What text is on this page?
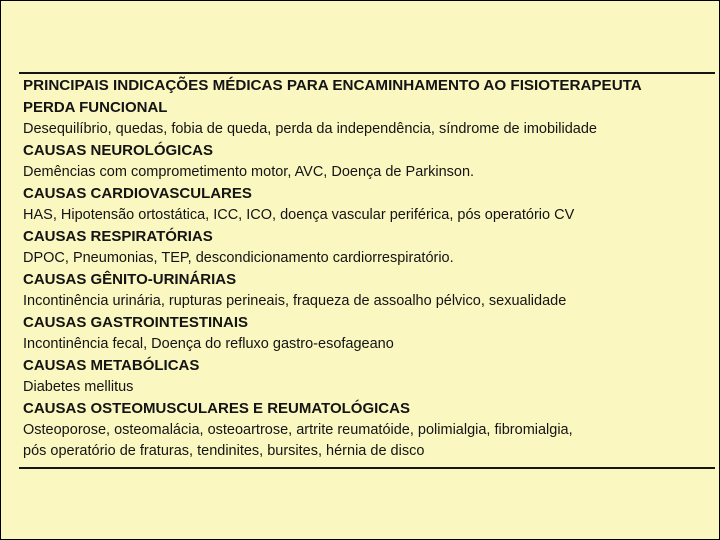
PRINCIPAIS INDICAÇÕES MÉDICAS PARA ENCAMINHAMENTO AO FISIOTERAPEUTA
PERDA FUNCIONAL
Desequilíbrio, quedas, fobia de queda, perda da independência, síndrome de imobilidade
CAUSAS NEUROLÓGICAS
Demências com comprometimento motor, AVC, Doença de Parkinson.
CAUSAS CARDIOVASCULARES
HAS, Hipotensão ortostática, ICC, ICO, doença vascular periférica, pós operatório CV
CAUSAS RESPIRATÓRIAS
DPOC, Pneumonias, TEP, descondicionamento cardiorrespiratório.
CAUSAS GÊNITO-URINÁRIAS
Incontinência urinária, rupturas perineais, fraqueza de assoalho pélvico, sexualidade
CAUSAS GASTROINTESTINAIS
Incontinência fecal, Doença do refluxo gastro-esofageano
CAUSAS METABÓLICAS
Diabetes mellitus
CAUSAS OSTEOMUSCULARES E REUMATOLÓGICAS
Osteoporose, osteomalácia, osteoartrose, artrite reumatóide, polimialgia, fibromialgia,
pós operatório de fraturas, tendinites, bursites, hérnia de disco
